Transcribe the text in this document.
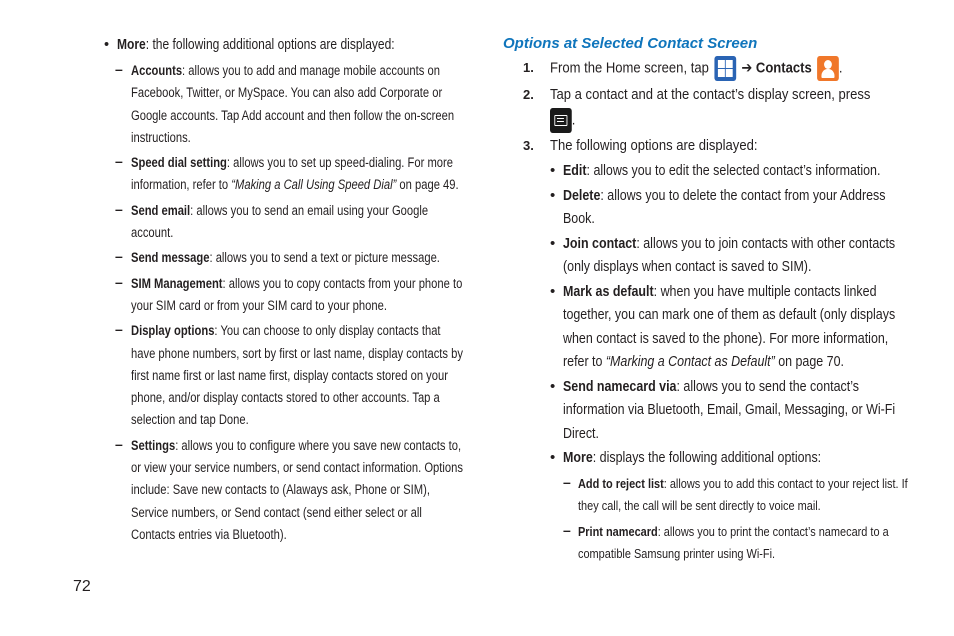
• More: the following additional options are displayed:
– Accounts: allows you to add and manage mobile accounts on Facebook, Twitter, or MySpace. You can also add Corporate or Google accounts. Tap Add account and then follow the on-screen instructions.
– Speed dial setting: allows you to set up speed-dialing. For more information, refer to “Making a Call Using Speed Dial” on page 49.
– Send email: allows you to send an email using your Google account.
– Send message: allows you to send a text or picture message.
– SIM Management: allows you to copy contacts from your phone to your SIM card or from your SIM card to your phone.
– Display options: You can choose to only display contacts that have phone numbers, sort by first or last name, display contacts by first name first or last name first, display contacts stored on your phone, and/or display contacts stored to other accounts. Tap a selection and tap Done.
– Settings: allows you to configure where you save new contacts to, or view your service numbers, or send contact information. Options include: Save new contacts to (Alaways ask, Phone or SIM), Service numbers, or Send contact (send either select or all Contacts entries via Bluetooth).
Options at Selected Contact Screen
1. From the Home screen, tap ➔ Contacts .
2. Tap a contact and at the contact’s display screen, press

.
3. The following options are displayed:
• Edit: allows you to edit the selected contact’s information.
• Delete: allows you to delete the contact from your Address Book.
• Join contact: allows you to join contacts with other contacts (only displays when contact is saved to SIM).
• Mark as default: when you have multiple contacts linked together, you can mark one of them as default (only displays when contact is saved to the phone). For more information, refer to “Marking a Contact as Default” on page 70.
• Send namecard via: allows you to send the contact’s information via Bluetooth, Email, Gmail, Messaging, or Wi-Fi Direct.
• More: displays the following additional options:
– Add to reject list: allows you to add this contact to your reject list. If they call, the call will be sent directly to voice mail.
– Print namecard: allows you to print the contact’s namecard to a compatible Samsung printer using Wi-Fi.
72
